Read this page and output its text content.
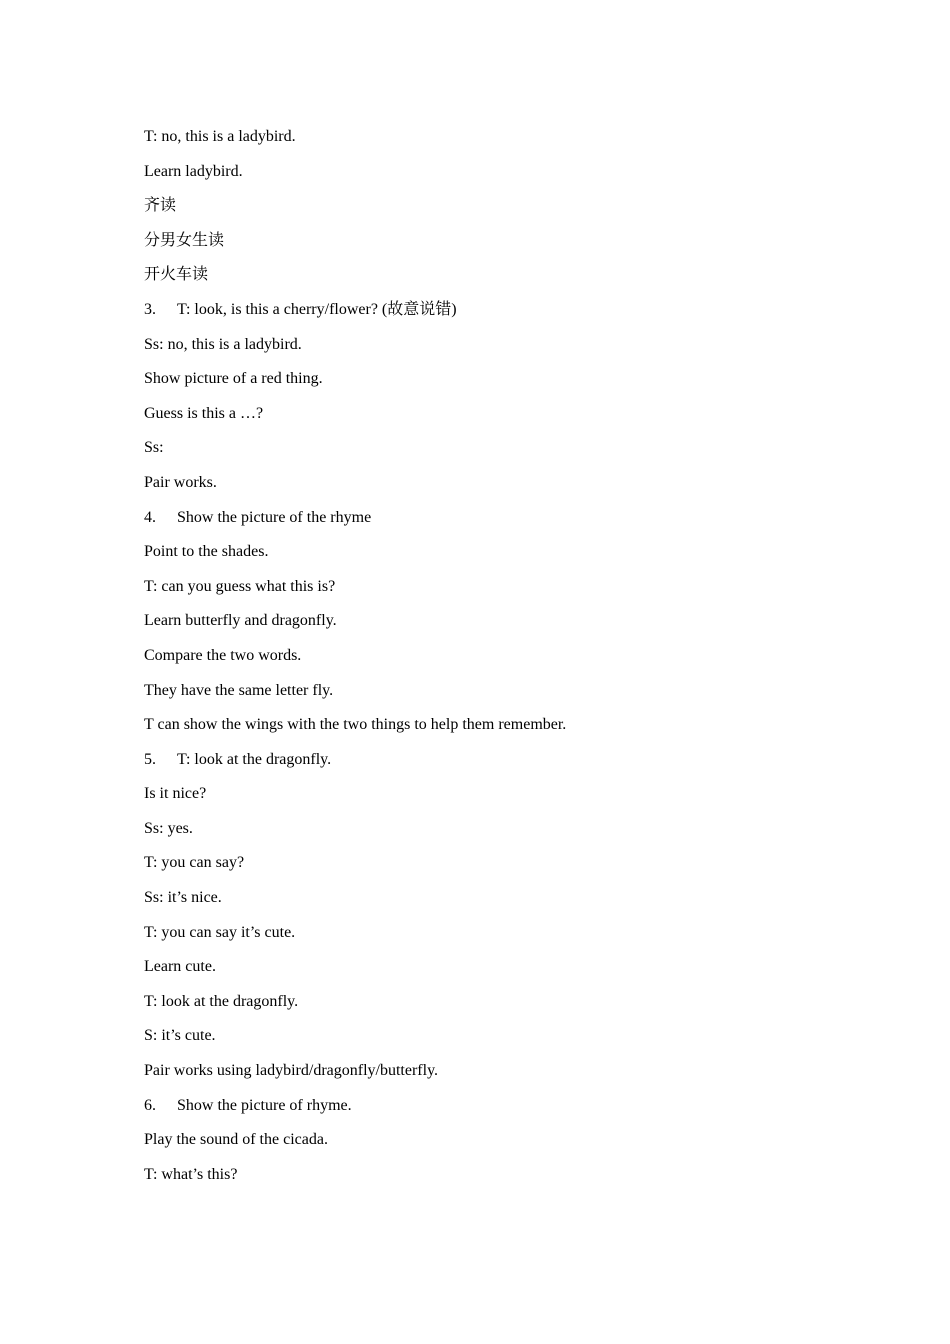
T: no, this is a ladybird.
Learn ladybird.
齐读
分男女生读
开火车读
3. T: look, is this a cherry/flower? (故意说错)
Ss: no, this is a ladybird.
Show picture of a red thing.
Guess is this a …?
Ss:
Pair works.
4. Show the picture of the rhyme
Point to the shades.
T: can you guess what this is?
Learn butterfly and dragonfly.
Compare the two words.
They have the same letter fly.
T can show the wings with the two things to help them remember.
5. T: look at the dragonfly.
Is it nice?
Ss: yes.
T: you can say?
Ss: it’s nice.
T: you can say it’s cute.
Learn cute.
T: look at the dragonfly.
S: it’s cute.
Pair works using ladybird/dragonfly/butterfly.
6. Show the picture of rhyme.
Play the sound of the cicada.
T: what’s this?
